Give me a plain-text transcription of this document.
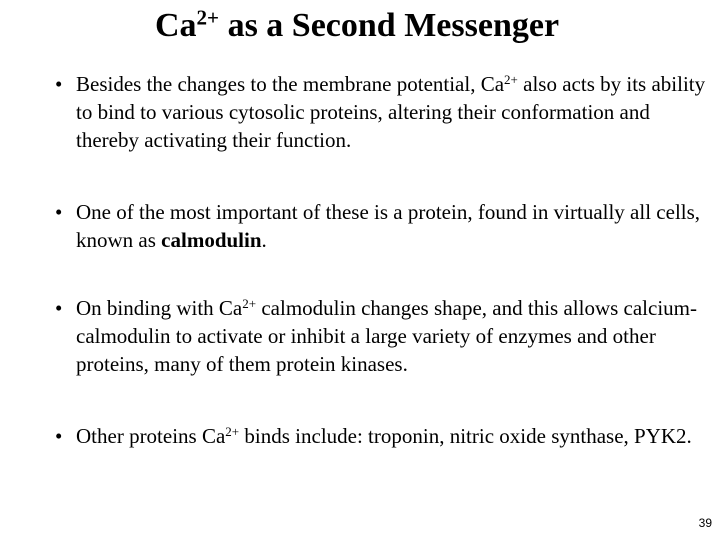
$Ca^{2+}$ as a Second Messenger
• Besides the changes to the membrane potential, $Ca^{2+}$ also acts by its ability to bind to various cytosolic proteins, altering their conformation and thereby activating their function.
• One of the most important of these is a protein, found in virtually all cells, known as calmodulin.
• On binding with $Ca^{2+}$ calmodulin changes shape, and this allows calcium-calmodulin to activate or inhibit a large variety of enzymes and other proteins, many of them protein kinases.
• Other proteins $Ca^{2+}$ binds include: troponin, nitric oxide synthase, PYK2.
39
